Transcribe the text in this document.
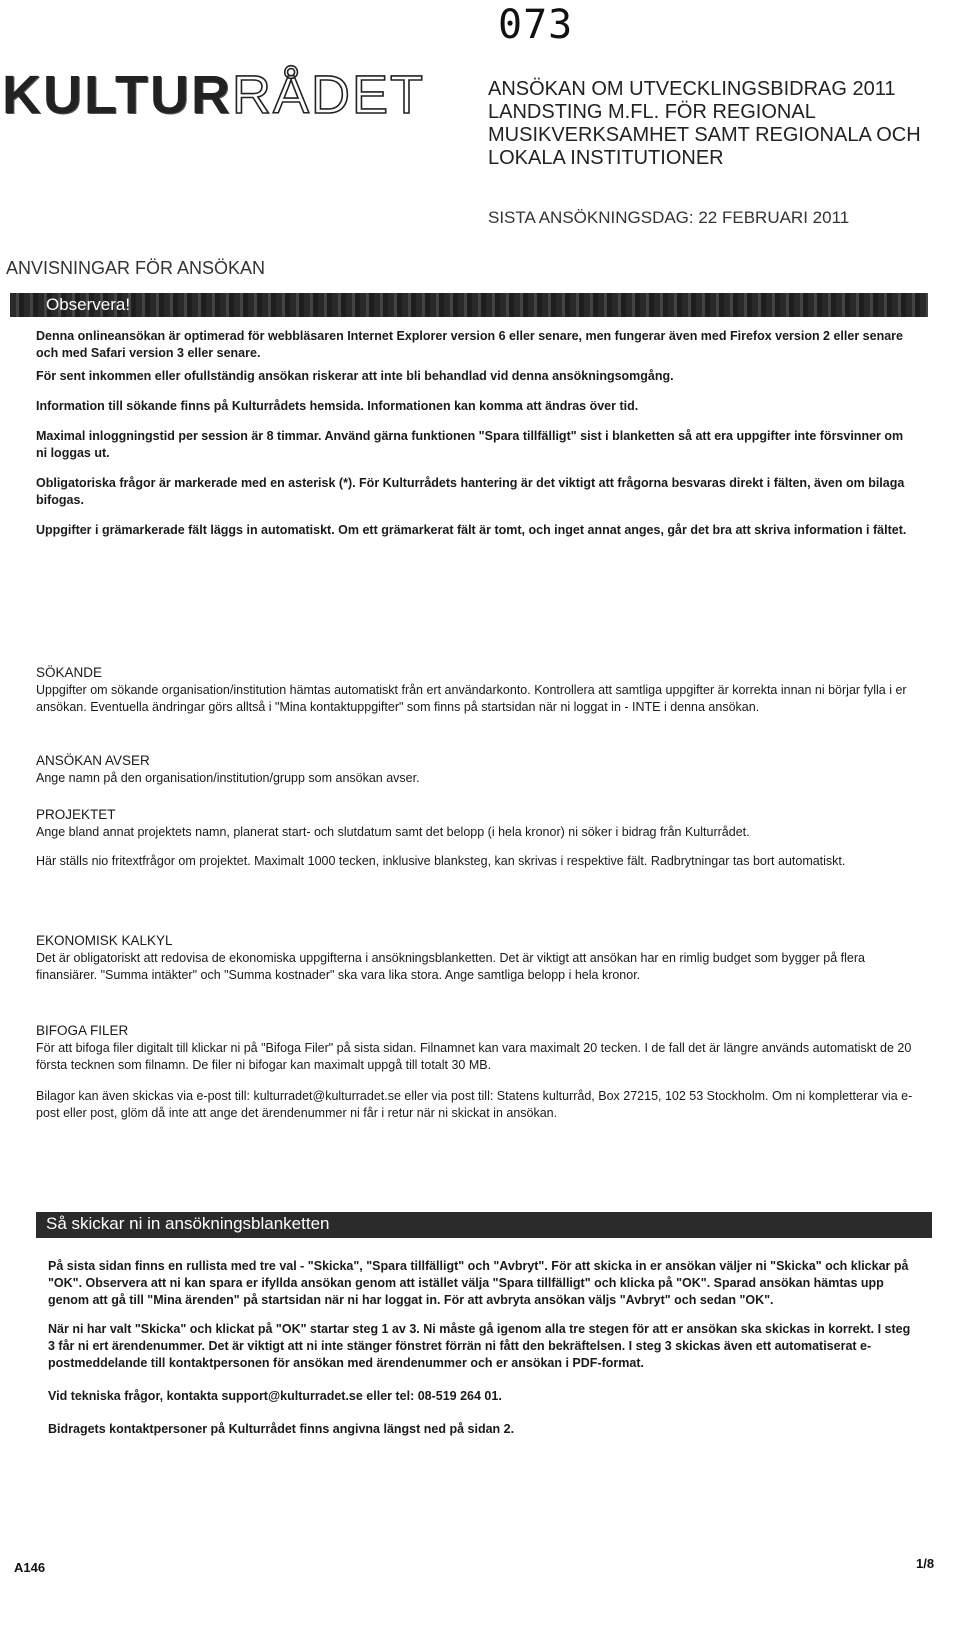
073
KULTURRÅDET	ANSÖKAN OM UTVECKLINGSBIDRAG 2011 LANDSTING M.FL. FÖR REGIONAL MUSIKVERKSAMHET SAMT REGIONALA OCH LOKALA INSTITUTIONER
SISTA ANSÖKNINGSDAG: 22 FEBRUARI 2011
ANVISNINGAR FÖR ANSÖKAN
Observera!

Denna onlineansökan är optimerad för webbläsaren Internet Explorer version 6 eller senare, men fungerar även med Firefox version 2 eller senare och med Safari version 3 eller senare.

För sent inkommen eller ofullständig ansökan riskerar att inte bli behandlad vid denna ansökningsomgång.

Information till sökande finns på Kulturrådets hemsida. Informationen kan komma att ändras över tid.

Maximal inloggningstid per session är 8 timmar. Använd gärna funktionen "Spara tillfälligt" sist i blanketten så att era uppgifter inte försvinner om ni loggas ut.

Obligatoriska frågor är markerade med en asterisk (*). För Kulturrådets hantering är det viktigt att frågorna besvaras direkt i fälten, även om bilaga bifogas.

Uppgifter i grämarkerade fält läggs in automatiskt. Om ett grämarkerat fält är tomt, och inget annat anges, går det bra att skriva information i fältet.

SÖKANDE

Uppgifter om sökande organisation/institution hämtas automatiskt från ert användarkonto. Kontrollera att samtliga uppgifter är korrekta innan ni börjar fylla i er ansökan. Eventuella ändringar görs alltså i "Mina kontaktuppgifter" som finns på startsidan när ni loggat in - INTE i denna ansökan.

ANSÖKAN AVSER

Ange namn på den organisation/institution/grupp som ansökan avser.

PROJEKTET

Ange bland annat projektets namn, planerat start- och slutdatum samt det belopp (i hela kronor) ni söker i bidrag från Kulturrådet.

Här ställs nio fritextfrågor om projektet. Maximalt 1000 tecken, inklusive blanksteg, kan skrivas i respektive fält. Radbrytningar tas bort automatiskt.

EKONOMISK KALKYL

Det är obligatoriskt att redovisa de ekonomiska uppgifterna i ansökningsblanketten. Det är viktigt att ansökan har en rimlig budget som bygger på flera finansiärer. "Summa intäkter" och "Summa kostnader" ska vara lika stora. Ange samtliga belopp i hela kronor.

BIFOGA FILER

För att bifoga filer digitalt till klickar ni på "Bifoga Filer" på sista sidan. Filnamnet kan vara maximalt 20 tecken. I de fall det är längre används automatiskt de 20 första tecknen som filnamn. De filer ni bifogar kan maximalt uppgå till totalt 30 MB.

Bilagor kan även skickas via e-post till: kulturradet@kulturradet.se eller via post till: Statens kulturråd, Box 27215, 102 53 Stockholm. Om ni kompletterar via e-post eller post, glöm då inte att ange det ärendenummer ni får i retur när ni skickat in ansökan.

Så skickar ni in ansökningsblanketten

På sista sidan finns en rullista med tre val - "Skicka", "Spara tillfälligt" och "Avbryt". För att skicka in er ansökan väljer ni "Skicka" och klickar på "OK". Observera att ni kan spara er ifyllda ansökan genom att istället välja "Spara tillfälligt" och klicka på "OK". Sparad ansökan hämtas upp genom att gå till "Mina ärenden" på startsidan när ni har loggat in. För att avbryta ansökan väljs "Avbryt" och sedan "OK".

När ni har valt "Skicka" och klickat på "OK" startar steg 1 av 3. Ni måste gå igenom alla tre stegen för att er ansökan ska skickas in korrekt. I steg 3 får ni ert ärendenummer. Det är viktigt att ni inte stänger fönstret förrän ni fått den bekräftelsen. I steg 3 skickas även ett automatiserat e-postmeddelande till kontaktpersonen för ansökan med ärendenummer och er ansökan i PDF-format.

Vid tekniska frågor, kontakta support@kulturradet.se eller tel: 08-519 264 01.

Bidragets kontaktpersoner på Kulturrådet finns angivna längst ned på sidan 2.

A146	1/8
